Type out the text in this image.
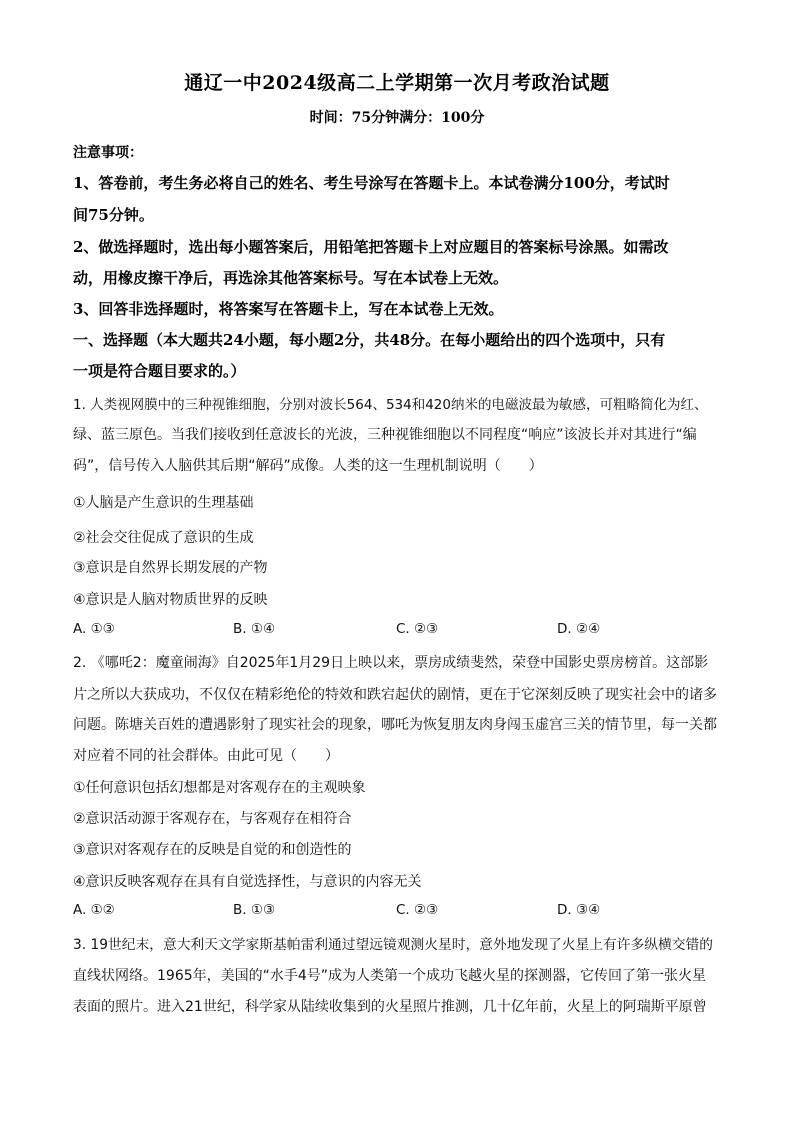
通辽一中2024级高二上学期第一次月考政治试题
时间：75分钟满分：100分
注意事项：
1、答卷前，考生务必将自己的姓名、考生号涂写在答题卡上。本试卷满分100分，考试时
间75分钟。
2、做选择题时，选出每小题答案后，用铅笔把答题卡上对应题目的答案标号涂黑。如需改
动，用橡皮擦干净后，再选涂其他答案标号。写在本试卷上无效。
3、回答非选择题时，将答案写在答题卡上，写在本试卷上无效。
一、选择题（本大题共24小题，每小题2分，共48分。在每小题给出的四个选项中，只有
一项是符合题目要求的。）
1. 人类视网膜中的三种视锥细胞，分别对波长564、534和420纳米的电磁波最为敏感，可粗略简化为红、
绿、蓝三原色。当我们接收到任意波长的光波，三种视锥细胞以不同程度“响应”该波长并对其进行“编
码”，信号传入人脑供其后期“解码”成像。人类的这一生理机制说明（　　）
①人脑是产生意识的生理基础
②社会交往促成了意识的生成
③意识是自然界长期发展的产物
④意识是人脑对物质世界的反映
A. ①③	B. ①④	C. ②③	D. ②④
2. 《哪吒2：魔童闹海》自2025年1月29日上映以来，票房成绩斐然，荣登中国影史票房榜首。这部影
片之所以大获成功，不仅仅在精彩绝伦的特效和跌宕起伏的剧情，更在于它深刻反映了现实社会中的诸多
问题。陈塘关百姓的遭遇影射了现实社会的现象，哪吒为恢复朋友肉身闯玉虚宫三关的情节里，每一关都
对应着不同的社会群体。由此可见（　　）
①任何意识包括幻想都是对客观存在的主观映象
②意识活动源于客观存在，与客观存在相符合
③意识对客观存在的反映是自觉的和创造性的
④意识反映客观存在具有自觉选择性，与意识的内容无关
A. ①②	B. ①③	C. ②③	D. ③④
3. 19世纪末，意大利天文学家斯基帕雷利通过望远镜观测火星时，意外地发现了火星上有许多纵横交错的
直线状网络。1965年，美国的“水手4号”成为人类第一个成功飞越火星的探测器，它传回了第一张火星
表面的照片。进入21世纪，科学家从陆续收集到的火星照片推测，几十亿年前，火星上的阿瑞斯平原曾
